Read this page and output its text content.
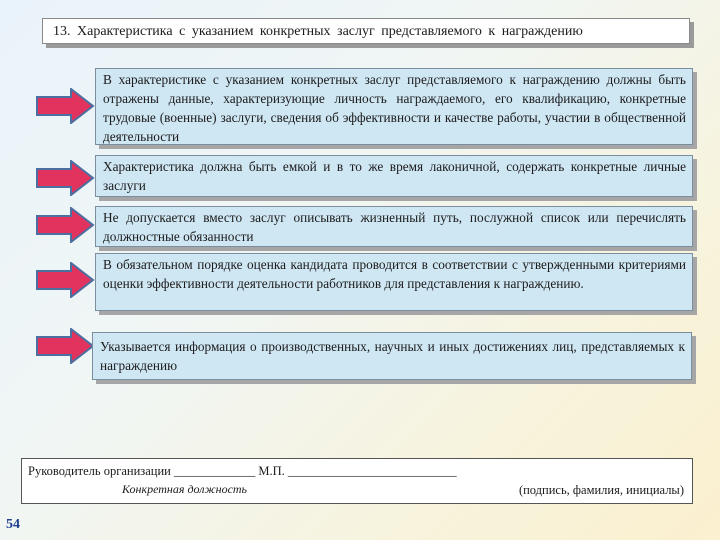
13. Характеристика с указанием конкретных заслуг представляемого к награждению
В характеристике с указанием конкретных заслуг представляемого к награждению должны быть отражены данные, характеризующие личность награждаемого, его квалификацию, конкретные трудовые (военные) заслуги, сведения об эффективности и качестве работы, участии в общественной деятельности
Характеристика должна быть емкой и в то же время лаконичной, содержать конкретные личные заслуги
Не допускается вместо заслуг описывать жизненный путь, послужной список или перечислять должностные обязанности
В обязательном порядке оценка кандидата проводится в соответствии с утвержденными критериями оценки эффективности деятельности работников для представления к награждению.
Указывается информация о производственных, научных и иных достижениях лиц, представляемых к награждению
Руководитель организации _____________ М.П. ___________________________
Конкретная должность	(подпись, фамилия, инициалы)
54
